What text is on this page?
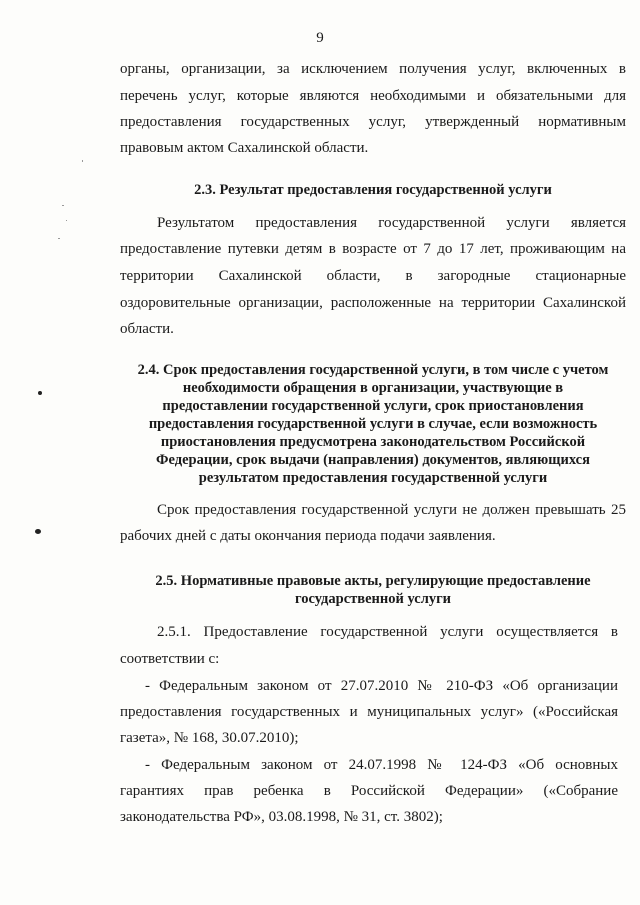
9
органы, организации, за исключением получения услуг, включенных в
перечень услуг, которые являются необходимыми и обязательными для
предоставления государственных услуг, утвержденный нормативным
правовым актом Сахалинской области.
2.3. Результат предоставления государственной услуги
Результатом предоставления государственной услуги является
предоставление путевки детям в возрасте от 7 до 17 лет, проживающим на
территории Сахалинской области, в загородные стационарные
оздоровительные организации, расположенные на территории Сахалинской
области.
2.4. Срок предоставления государственной услуги, в том числе с учетом
необходимости обращения в организации, участвующие в
предоставлении государственной услуги, срок приостановления
предоставления государственной услуги в случае, если возможность
приостановления предусмотрена законодательством Российской
Федерации, срок выдачи (направления) документов, являющихся
результатом предоставления государственной услуги
Срок предоставления государственной услуги не должен превышать 25
рабочих дней с даты окончания периода подачи заявления.
2.5. Нормативные правовые акты, регулирующие предоставление
государственной услуги
2.5.1. Предоставление государственной услуги осуществляется в
соответствии с:
- Федеральным законом от 27.07.2010 № 210-ФЗ «Об организации
предоставления государственных и муниципальных услуг» («Российская
газета», № 168, 30.07.2010);
- Федеральным законом от 24.07.1998 № 124-ФЗ «Об основных
гарантиях прав ребенка в Российской Федерации» («Собрание
законодательства РФ», 03.08.1998, № 31, ст. 3802);
